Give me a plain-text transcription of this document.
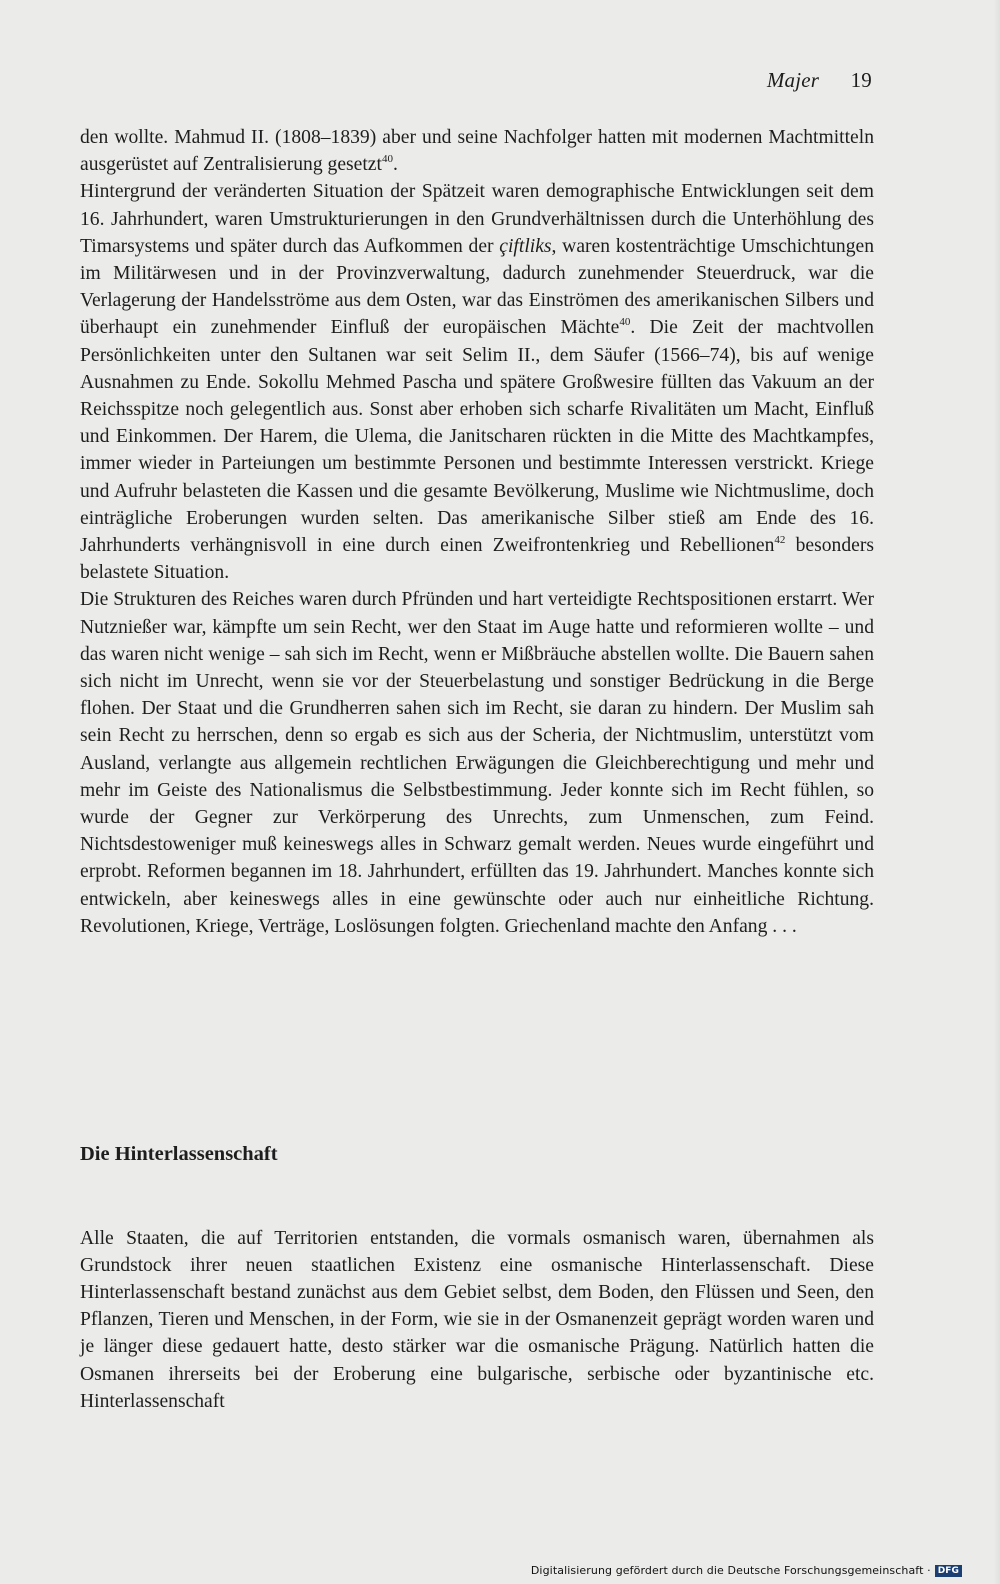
Majer 19

den wollte. Mahmud II. (1808–1839) aber und seine Nachfolger hatten mit modernen Machtmitteln ausgerüstet auf Zentralisierung gesetzt$^{40}$.

Hintergrund der veränderten Situation der Spätzeit waren demographische Entwicklungen seit dem 16. Jahrhundert, waren Umstrukturierungen in den Grundverhältnissen durch die Unterhöhlung des Timarsystems und später durch das Aufkommen der çiftliks, waren kostenträchtige Umschichtungen im Militärwesen und in der Provinzverwaltung, dadurch zunehmender Steuerdruck, war die Verlagerung der Handelsströme aus dem Osten, war das Einströmen des amerikanischen Silbers und überhaupt ein zunehmender Einfluß der europäischen Mächte$^{40}$. Die Zeit der machtvollen Persönlichkeiten unter den Sultanen war seit Selim II., dem Säufer (1566–74), bis auf wenige Ausnahmen zu Ende. Sokollu Mehmed Pascha und spätere Großwesire füllten das Vakuum an der Reichsspitze noch gelegentlich aus. Sonst aber erhoben sich scharfe Rivalitäten um Macht, Einfluß und Einkommen. Der Harem, die Ulema, die Janitscharen rückten in die Mitte des Machtkampfes, immer wieder in Parteiungen um bestimmte Personen und bestimmte Interessen verstrickt. Kriege und Aufruhr belasteten die Kassen und die gesamte Bevölkerung, Muslime wie Nichtmuslime, doch einträgliche Eroberungen wurden selten. Das amerikanische Silber stieß am Ende des 16. Jahrhunderts verhängnisvoll in eine durch einen Zweifrontenkrieg und Rebellionen$^{42}$ besonders belastete Situation.

Die Strukturen des Reiches waren durch Pfründen und hart verteidigte Rechtspositionen erstarrt. Wer Nutznießer war, kämpfte um sein Recht, wer den Staat im Auge hatte und reformieren wollte – und das waren nicht wenige – sah sich im Recht, wenn er Mißbräuche abstellen wollte. Die Bauern sahen sich nicht im Unrecht, wenn sie vor der Steuerbelastung und sonstiger Bedrückung in die Berge flohen. Der Staat und die Grundherren sahen sich im Recht, sie daran zu hindern. Der Muslim sah sein Recht zu herrschen, denn so ergab es sich aus der Scheria, der Nichtmuslim, unterstützt vom Ausland, verlangte aus allgemein rechtlichen Erwägungen die Gleichberechtigung und mehr und mehr im Geiste des Nationalismus die Selbstbestimmung. Jeder konnte sich im Recht fühlen, so wurde der Gegner zur Verkörperung des Unrechts, zum Unmenschen, zum Feind. Nichtsdestoweniger muß keineswegs alles in Schwarz gemalt werden. Neues wurde eingeführt und erprobt. Reformen begannen im 18. Jahrhundert, erfüllten das 19. Jahrhundert. Manches konnte sich entwickeln, aber keineswegs alles in eine gewünschte oder auch nur einheitliche Richtung. Revolutionen, Kriege, Verträge, Loslösungen folgten. Griechenland machte den Anfang . . .

Die Hinterlassenschaft

Alle Staaten, die auf Territorien entstanden, die vormals osmanisch waren, übernahmen als Grundstock ihrer neuen staatlichen Existenz eine osmanische Hinterlassenschaft. Diese Hinterlassenschaft bestand zunächst aus dem Gebiet selbst, dem Boden, den Flüssen und Seen, den Pflanzen, Tieren und Menschen, in der Form, wie sie in der Osmanenzeit geprägt worden waren und je länger diese gedauert hatte, desto stärker war die osmanische Prägung. Natürlich hatten die Osmanen ihrerseits bei der Eroberung eine bulgarische, serbische oder byzantinische etc. Hinterlassenschaft

Digitalisierung gefördert durch die Deutsche Forschungsgemeinschaft · DFG
